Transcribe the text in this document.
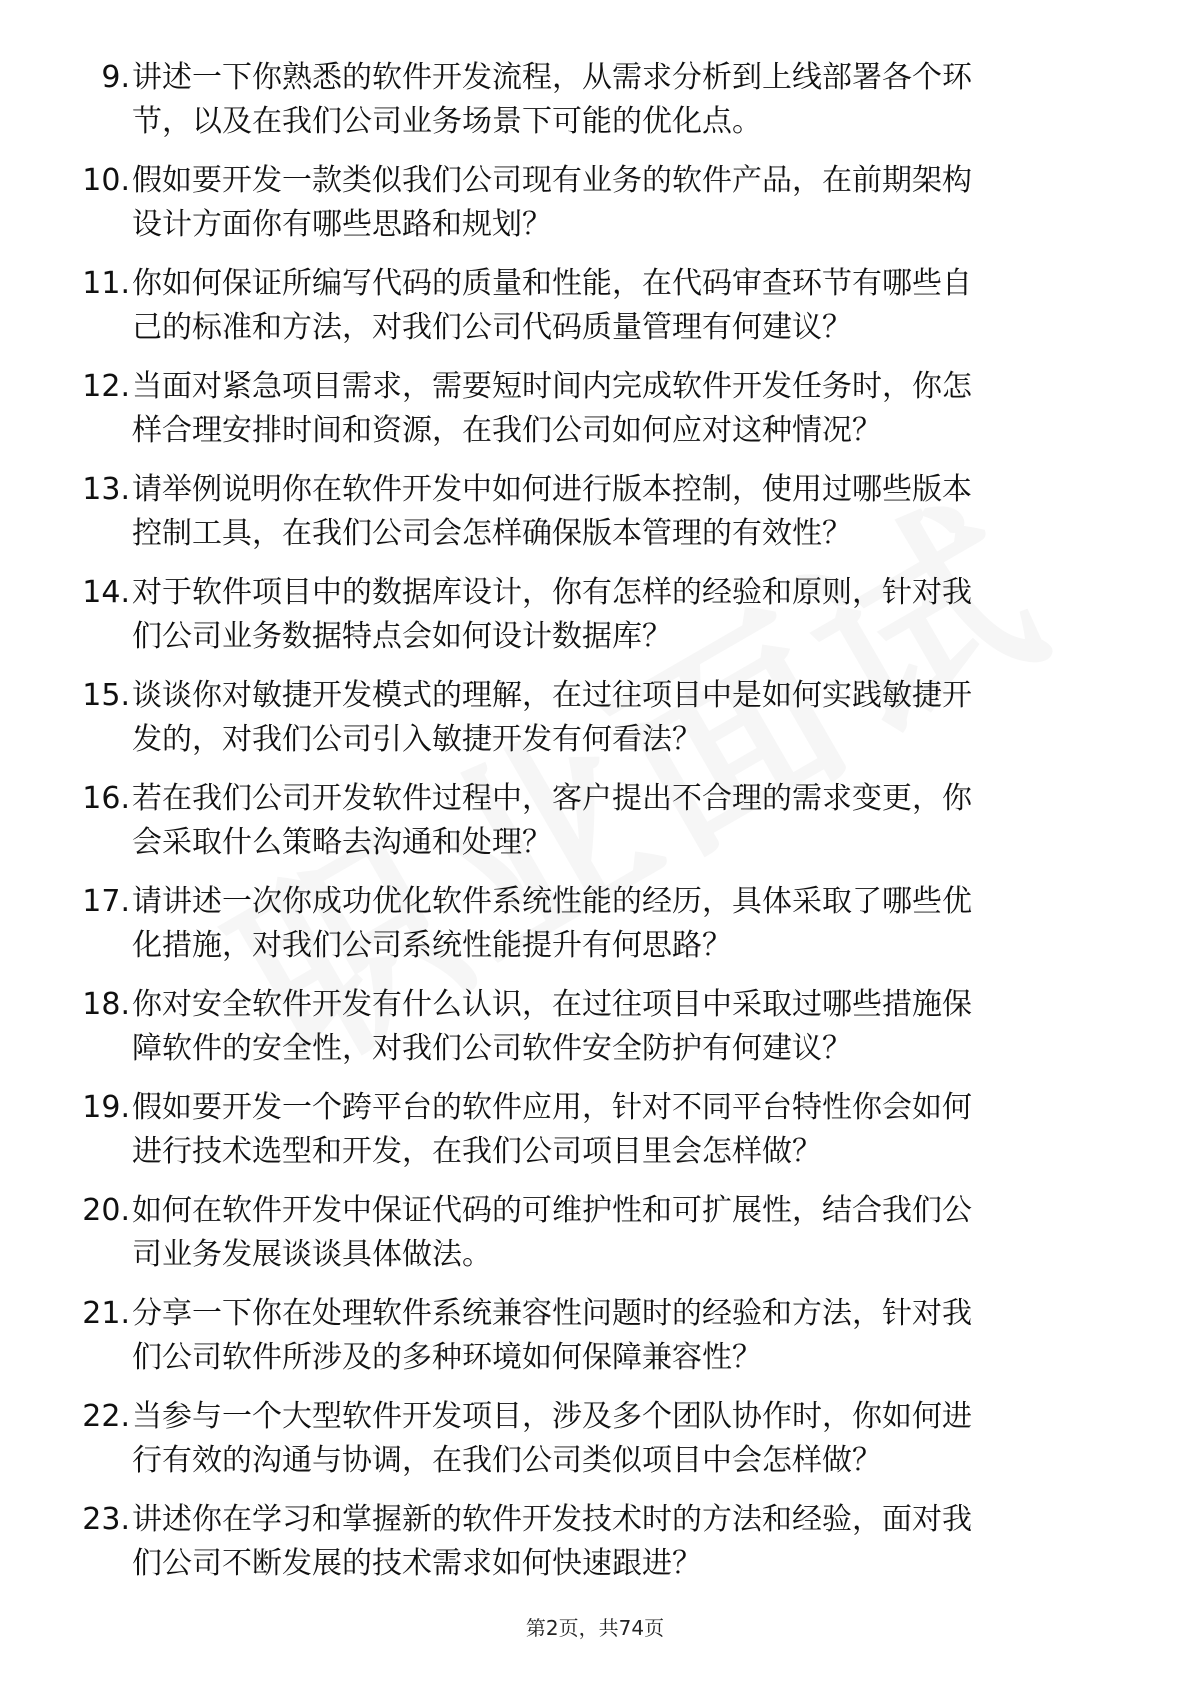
9. 讲述一下你熟悉的软件开发流程，从需求分析到上线部署各个环
节，以及在我们公司业务场景下可能的优化点。
10. 假如要开发一款类似我们公司现有业务的软件产品，在前期架构
设计方面你有哪些思路和规划？
11. 你如何保证所编写代码的质量和性能，在代码审查环节有哪些自
己的标准和方法，对我们公司代码质量管理有何建议？
12. 当面对紧急项目需求，需要短时间内完成软件开发任务时，你怎
样合理安排时间和资源，在我们公司如何应对这种情况？
13. 请举例说明你在软件开发中如何进行版本控制，使用过哪些版本
控制工具，在我们公司会怎样确保版本管理的有效性？
14. 对于软件项目中的数据库设计，你有怎样的经验和原则，针对我
们公司业务数据特点会如何设计数据库？
15. 谈谈你对敏捷开发模式的理解，在过往项目中是如何实践敏捷开
发的，对我们公司引入敏捷开发有何看法？
16. 若在我们公司开发软件过程中，客户提出不合理的需求变更，你
会采取什么策略去沟通和处理？
17. 请讲述一次你成功优化软件系统性能的经历，具体采取了哪些优
化措施，对我们公司系统性能提升有何思路？
18. 你对安全软件开发有什么认识，在过往项目中采取过哪些措施保
障软件的安全性，对我们公司软件安全防护有何建议？
19. 假如要开发一个跨平台的软件应用，针对不同平台特性你会如何
进行技术选型和开发，在我们公司项目里会怎样做？
20. 如何在软件开发中保证代码的可维护性和可扩展性，结合我们公
司业务发展谈谈具体做法。
21. 分享一下你在处理软件系统兼容性问题时的经验和方法，针对我
们公司软件所涉及的多种环境如何保障兼容性？
22. 当参与一个大型软件开发项目，涉及多个团队协作时，你如何进
行有效的沟通与协调，在我们公司类似项目中会怎样做？
23. 讲述你在学习和掌握新的软件开发技术时的方法和经验，面对我
们公司不断发展的技术需求如何快速跟进？
第2页，共74页
